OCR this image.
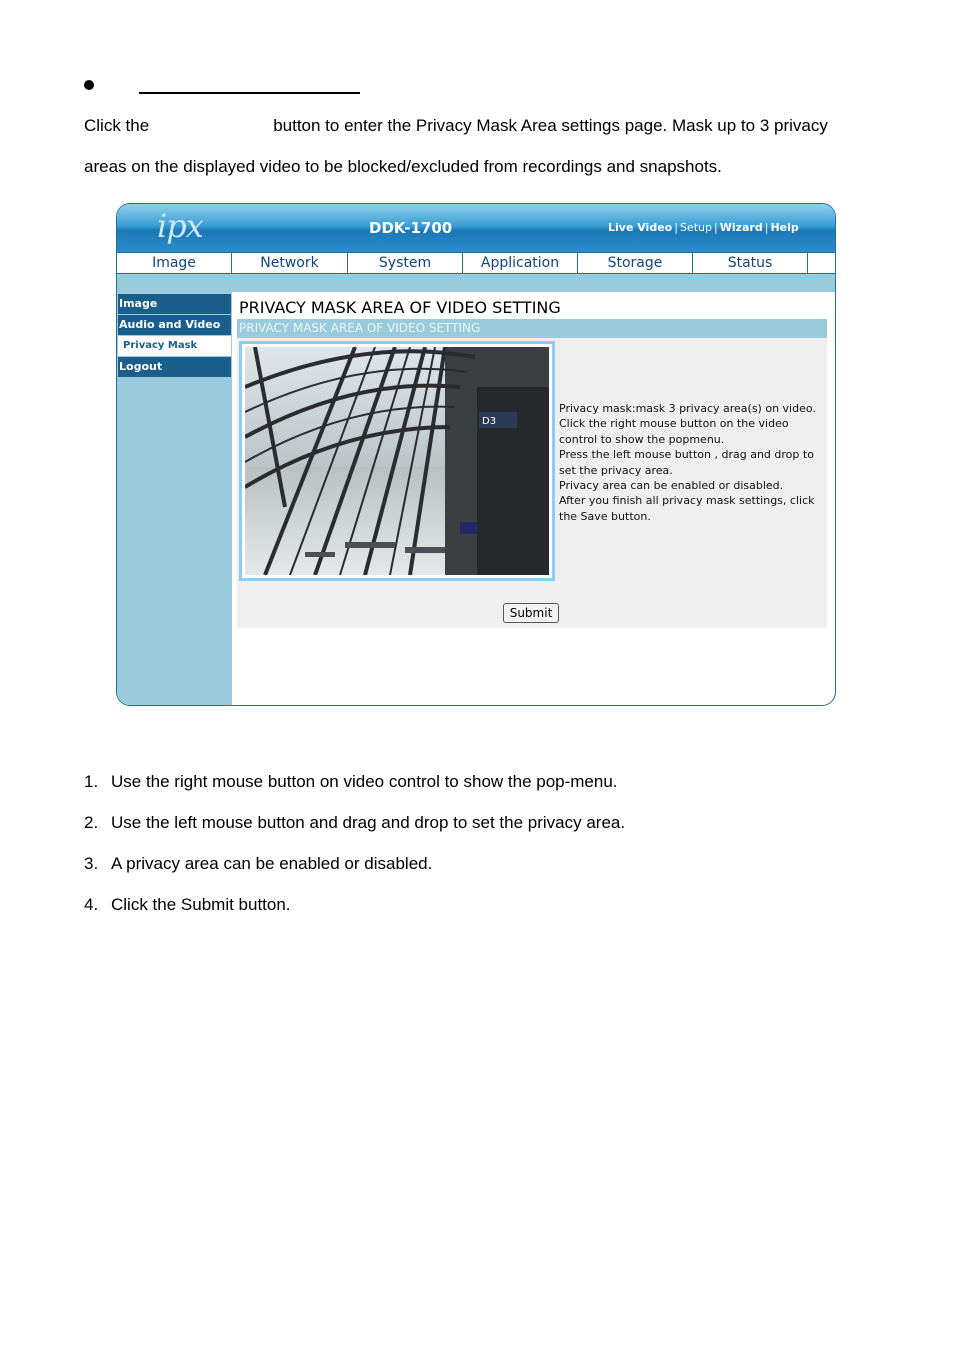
Click the	button to enter the Privacy Mask Area settings page. Mask up to 3 privacy
areas on the displayed video to be blocked/excluded from recordings and snapshots.
ipx	DDK-1700	Live Video | Setup | Wizard | Help
Image	Network	System	Application	Storage	Status
Image
Audio and Video
Privacy Mask
Logout
PRIVACY MASK AREA OF VIDEO SETTING
PRIVACY MASK AREA OF VIDEO SETTING
D3
Privacy mask:mask 3 privacy area(s) on video.
Click the right mouse button on the video
control to show the popmenu.
Press the left mouse button , drag and drop to
set the privacy area.
Privacy area can be enabled or disabled.
After you finish all privacy mask settings, click
the Save button.
Submit
1. Use the right mouse button on video control to show the pop-menu.
2. Use the left mouse button and drag and drop to set the privacy area.
3. A privacy area can be enabled or disabled.
4. Click the Submit button.
